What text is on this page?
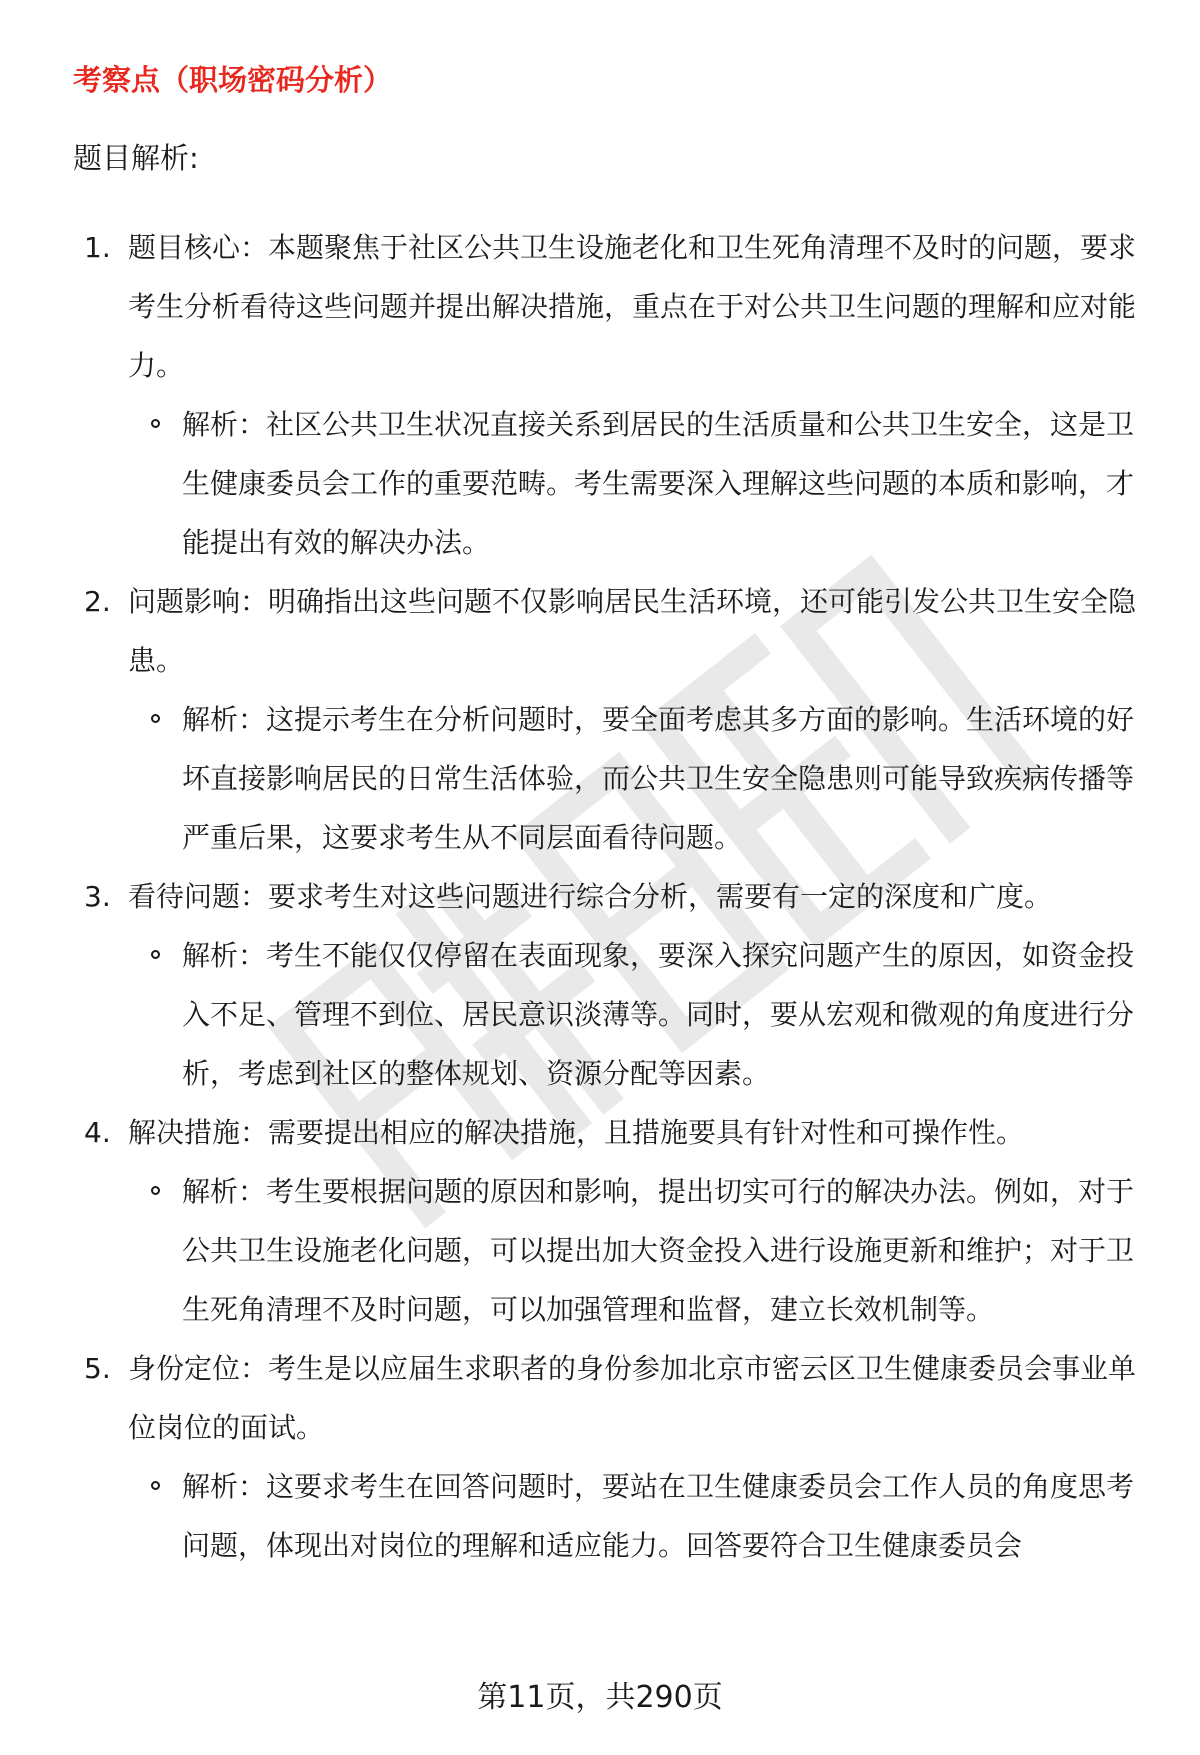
考察点（职场密码分析）
题目解析:
1. 题目核心：本题聚焦于社区公共卫生设施老化和卫生死角清理不及时的问题，要求考生分析看待这些问题并提出解决措施，重点在于对公共卫生问题的理解和应对能力。
解析：社区公共卫生状况直接关系到居民的生活质量和公共卫生安全，这是卫生健康委员会工作的重要范畴。考生需要深入理解这些问题的本质和影响，才能提出有效的解决办法。
2. 问题影响：明确指出这些问题不仅影响居民生活环境，还可能引发公共卫生安全隐患。
解析：这提示考生在分析问题时，要全面考虑其多方面的影响。生活环境的好坏直接影响居民的日常生活体验，而公共卫生安全隐患则可能导致疾病传播等严重后果，这要求考生从不同层面看待问题。
3. 看待问题：要求考生对这些问题进行综合分析，需要有一定的深度和广度。
解析：考生不能仅仅停留在表面现象，要深入探究问题产生的原因，如资金投入不足、管理不到位、居民意识淡薄等。同时，要从宏观和微观的角度进行分析，考虑到社区的整体规划、资源分配等因素。
4. 解决措施：需要提出相应的解决措施，且措施要具有针对性和可操作性。
解析：考生要根据问题的原因和影响，提出切实可行的解决办法。例如，对于公共卫生设施老化问题，可以提出加大资金投入进行设施更新和维护；对于卫生死角清理不及时问题，可以加强管理和监督，建立长效机制等。
5. 身份定位：考生是以应届生求职者的身份参加北京市密云区卫生健康委员会事业单位岗位的面试。
解析：这要求考生在回答问题时，要站在卫生健康委员会工作人员的角度思考问题，体现出对岗位的理解和适应能力。回答要符合卫生健康委员会
第11页，共290页
